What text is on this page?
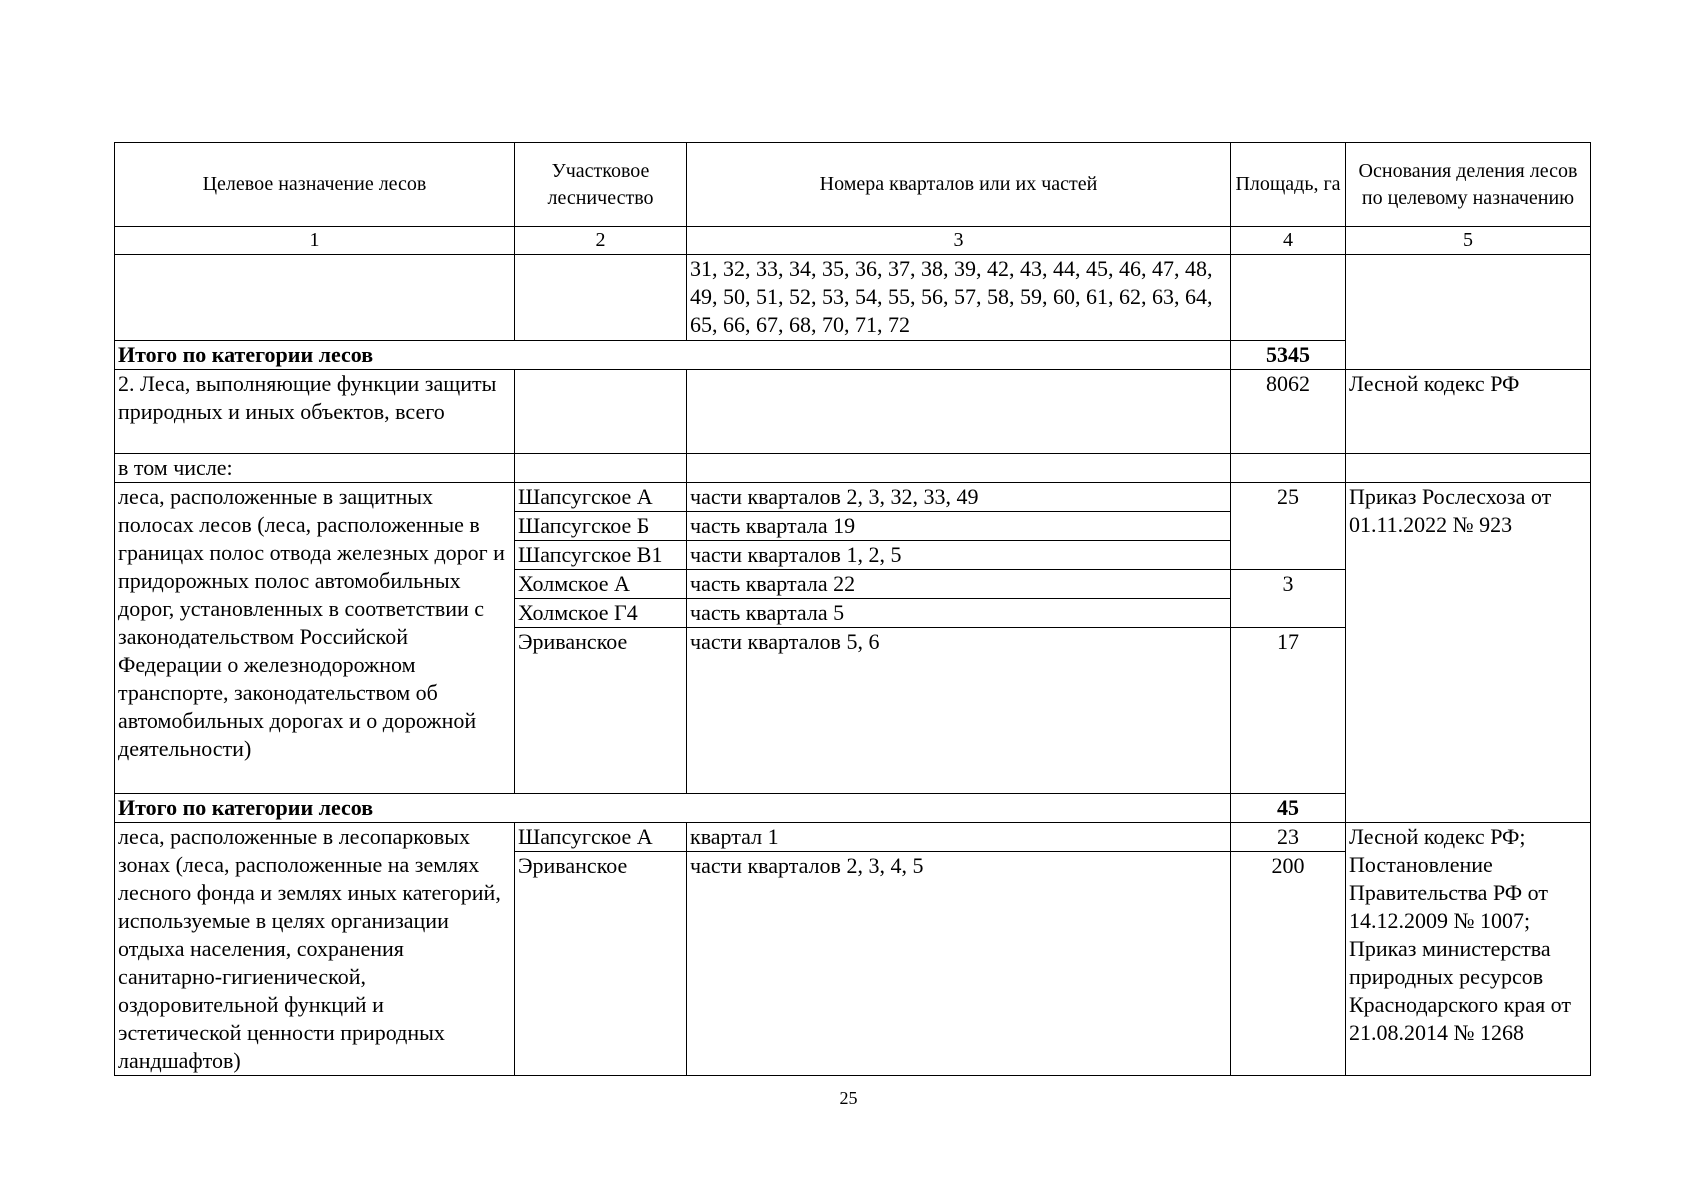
Целевое назначение лесов	Участковое лесничество	Номера кварталов или их частей	Площадь, га	Основания деления лесов по целевому назначению
1	2	3	4	5
		31, 32, 33, 34, 35, 36, 37, 38, 39, 42, 43, 44, 45, 46, 47, 48, 49, 50, 51, 52, 53, 54, 55, 56, 57, 58, 59, 60, 61, 62, 63, 64, 65, 66, 67, 68, 70, 71, 72		
Итого по категории лесов			5345	
2. Леса, выполняющие функции защиты природных и иных объектов, всего			8062	Лесной кодекс РФ
в том числе:				
леса, расположенные в защитных полосах лесов (леса, расположенные в границах полос отвода железных дорог и придорожных полос автомобильных дорог, установленных в соответствии с законодательством Российской Федерации о железнодорожном транспорте, законодательством об автомобильных дорогах и о дорожной деятельности)	Шапсугское А	части кварталов 2, 3, 32, 33, 49	25	Приказ Рослесхоза от 01.11.2022 № 923
	Шапсугское Б	часть квартала 19		
	Шапсугское В1	части кварталов 1, 2, 5		
	Холмское А	часть квартала 22	3	
	Холмское Г4	часть квартала 5		
	Эриванское	части кварталов 5, 6	17	
Итого по категории лесов			45	
леса, расположенные в лесопарковых зонах (леса, расположенные на землях лесного фонда и землях иных категорий, используемые в целях организации отдыха населения, сохранения санитарно-гигиенической, оздоровительной функций и эстетической ценности природных ландшафтов)	Шапсугское А	квартал 1	23	Лесной кодекс РФ; Постановление Правительства РФ от 14.12.2009 № 1007; Приказ министерства природных ресурсов Краснодарского края от 21.08.2014 № 1268
	Эриванское	части кварталов 2, 3, 4, 5	200	
25
